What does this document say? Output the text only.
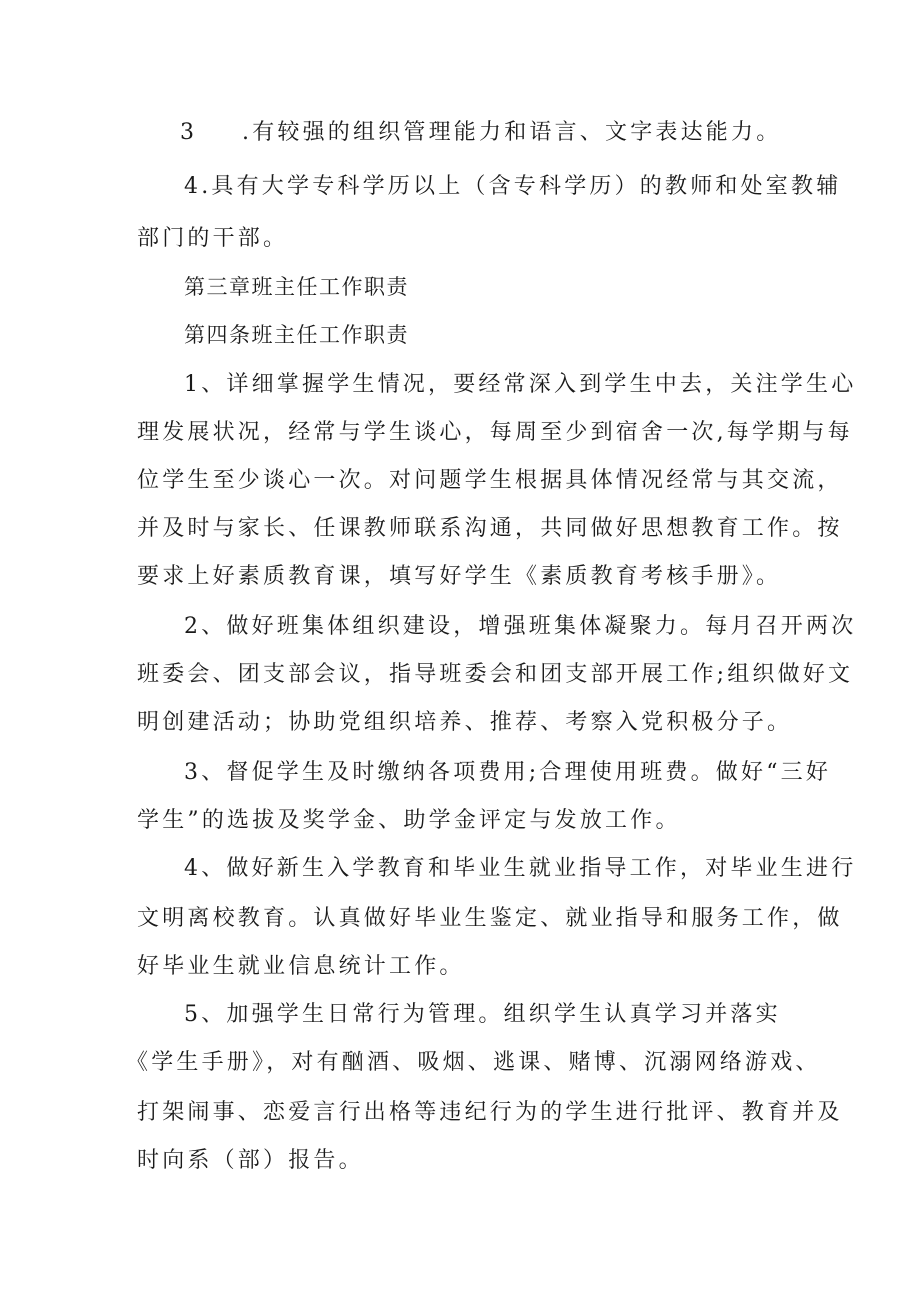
3 .有较强的组织管理能力和语言、文字表达能力。
4.具有大学专科学历以上（含专科学历）的教师和处室教辅
部门的干部。
第三章班主任工作职责
第四条班主任工作职责
1、详细掌握学生情况，要经常深入到学生中去，关注学生心
理发展状况，经常与学生谈心，每周至少到宿舍一次,每学期与每
位学生至少谈心一次。对问题学生根据具体情况经常与其交流，
并及时与家长、任课教师联系沟通，共同做好思想教育工作。按
要求上好素质教育课，填写好学生《素质教育考核手册》。
2、做好班集体组织建设，增强班集体凝聚力。每月召开两次
班委会、团支部会议，指导班委会和团支部开展工作;组织做好文
明创建活动；协助党组织培养、推荐、考察入党积极分子。
3、督促学生及时缴纳各项费用;合理使用班费。做好“三好
学生”的选拔及奖学金、助学金评定与发放工作。
4、做好新生入学教育和毕业生就业指导工作，对毕业生进行
文明离校教育。认真做好毕业生鉴定、就业指导和服务工作，做
好毕业生就业信息统计工作。
5、加强学生日常行为管理。组织学生认真学习并落实
《学生手册》，对有酗酒、吸烟、逃课、赌博、沉溺网络游戏、
打架闹事、恋爱言行出格等违纪行为的学生进行批评、教育并及
时向系（部）报告。
